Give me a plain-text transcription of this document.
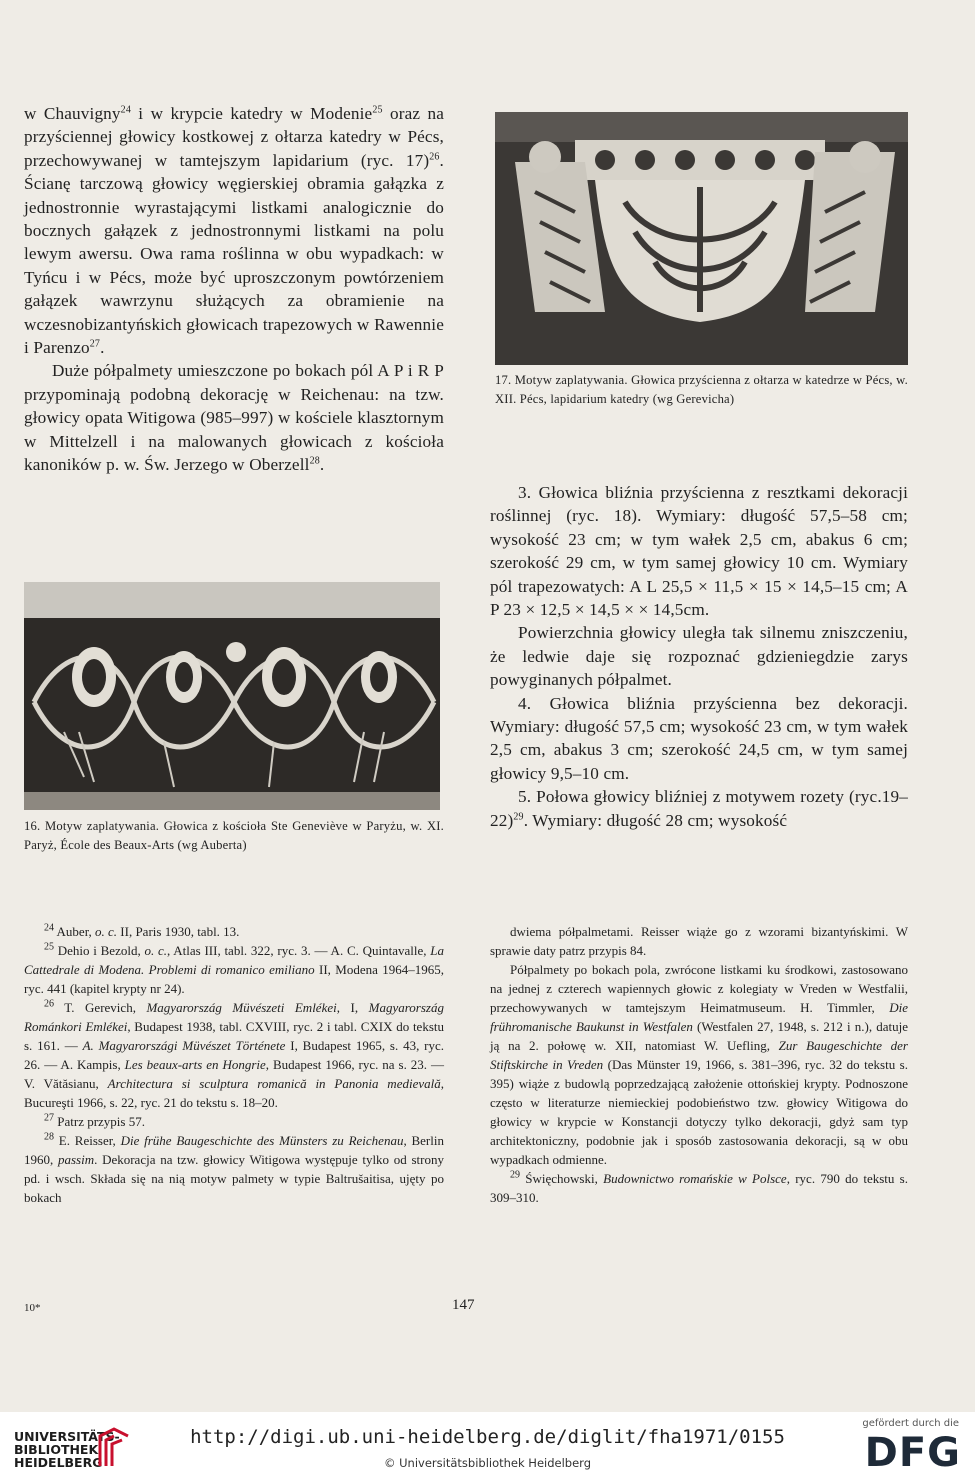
w Chauvigny$^{24}$ i w krypcie katedry w Modenie$^{25}$ oraz na przyściennej głowicy kostkowej z ołtarza katedry w Pécs, przechowywanej w tamtejszym lapidarium (ryc. 17)$^{26}$. Ścianę tarczową głowicy węgierskiej obramia gałązka z jednostronnie wyrastającymi listkami analogicznie do bocznych gałązek z jednostronnymi listkami na polu lewym awersu. Owa rama roślinna w obu wypadkach: w Tyńcu i w Pécs, może być uproszczonym powtórzeniem gałązek wawrzynu służących za obramienie na wczesnobizantyńskich głowicach trapezowych w Rawennie i Parenzo$^{27}$.

Duże półpalmety umieszczone po bokach pól A P i R P przypominają podobną dekorację w Reichenau: na tzw. głowicy opata Witigowa (985–997) w kościele klasztornym w Mittelzell i na malowanych głowicach z kościoła kanoników p. w. Św. Jerzego w Oberzell$^{28}$.

16. Motyw zaplatywania. Głowica z kościoła Ste Geneviève w Paryżu, w. XI. Paryż, École des Beaux-Arts (wg Auberta)
17. Motyw zaplatywania. Głowica przyścienna z ołtarza w katedrze w Pécs, w. XII. Pécs, lapidarium katedry (wg Gerevicha)

3. Głowica bliźnia przyścienna z resztkami dekoracji roślinnej (ryc. 18). Wymiary: długość 57,5–58 cm; wysokość 23 cm; w tym wałek 2,5 cm, abakus 6 cm; szerokość 29 cm, w tym samej głowicy 10 cm. Wymiary pól trapezowatych: A L 25,5 × 11,5 × 15 × 14,5–15 cm; A P 23 × 12,5 × 14,5 × × 14,5cm.

Powierzchnia głowicy uległa tak silnemu zniszczeniu, że ledwie daje się rozpoznać gdzieniegdzie zarys powyginanych półpalmet.

4. Głowica bliźnia przyścienna bez dekoracji. Wymiary: długość 57,5 cm; wysokość 23 cm, w tym wałek 2,5 cm, abakus 3 cm; szerokość 24,5 cm, w tym samej głowicy 9,5–10 cm.

5. Połowa głowicy bliźniej z motywem rozety $(ryc.19-22)^{29}$. Wymiary: długość 28 cm; wysokość

$^{24}$ Auber, o. c. II, Paris 1930, tabl. 13.

$^{25}$ Dehio i Bezold, o. c., Atlas III, tabl. 322, ryc. 3. — A. C. Quintavalle, La Cattedrale di Modena. Problemi di romanico emiliano II, Modena 1964–1965, ryc. 441 (kapitel krypty nr 24).

$^{26}$ T. Gerevich, Magyarország Müvészeti Emlékei, I, Magyarország Románkori Emlékei, Budapest 1938, tabl. CXVIII, ryc. 2 i tabl. CXIX do tekstu s. 161. — A. Magyarországi Müvészet Története I, Budapest 1965, s. 43, ryc. 26. — A. Kampis, Les beaux-arts en Hongrie, Budapest 1966, ryc. na s. 23. — V. Vătăsianu, Architectura si sculptura romanică in Panonia medievală, Bucureşti 1966, s. 22, ryc. 21 do tekstu s. 18–20.

$^{27}$ Patrz przypis 57.

$^{28}$ E. Reisser, Die frühe Baugeschichte des Münsters zu Reichenau, Berlin 1960, passim. Dekoracja na tzw. głowicy Witigowa występuje tylko od strony pd. i wsch. Składa się na nią motyw palmety w typie Baltrušaitisa, ujęty po bokach

dwiema półpalmetami. Reisser wiąże go z wzorami bizantyńskimi. W sprawie daty patrz przypis 84.

Półpalmety po bokach pola, zwrócone listkami ku środkowi, zastosowano na jednej z czterech wapiennych głowic z kolegiaty w Vreden w Westfalii, przechowywanych w tamtejszym Heimatmuseum. H. Timmler, Die frühromanische Baukunst in Westfalen (Westfalen 27, 1948, s. 212 i n.), datuje ją na 2. połowę w. XII, natomiast W. Uefling, Zur Baugeschichte der Stiftskirche in Vreden (Das Münster 19, 1966, s. 381–396, ryc. 32 do tekstu s. 395) wiąże z budowlą poprzedzającą założenie ottońskiej krypty. Podnoszone często w literaturze niemieckiej podobieństwo tzw. głowicy Witigowa do głowicy w krypcie w Konstancji dotyczy tylko dekoracji, gdyż sam typ architektoniczny, podobnie jak i sposób zastosowania dekoracji, są w obu wypadkach odmienne.

$^{29}$ Święchowski, Budownictwo romańskie w Polsce, ryc. 790 do tekstu s. 309–310.

147
10*
UNIVERSITÄTS-
BIBLIOTHEK
HEIDELBERG
http://digi.ub.uni-heidelberg.de/diglit/fha1971/0155
© Universitätsbibliothek Heidelberg
gefördert durch die
DFG
